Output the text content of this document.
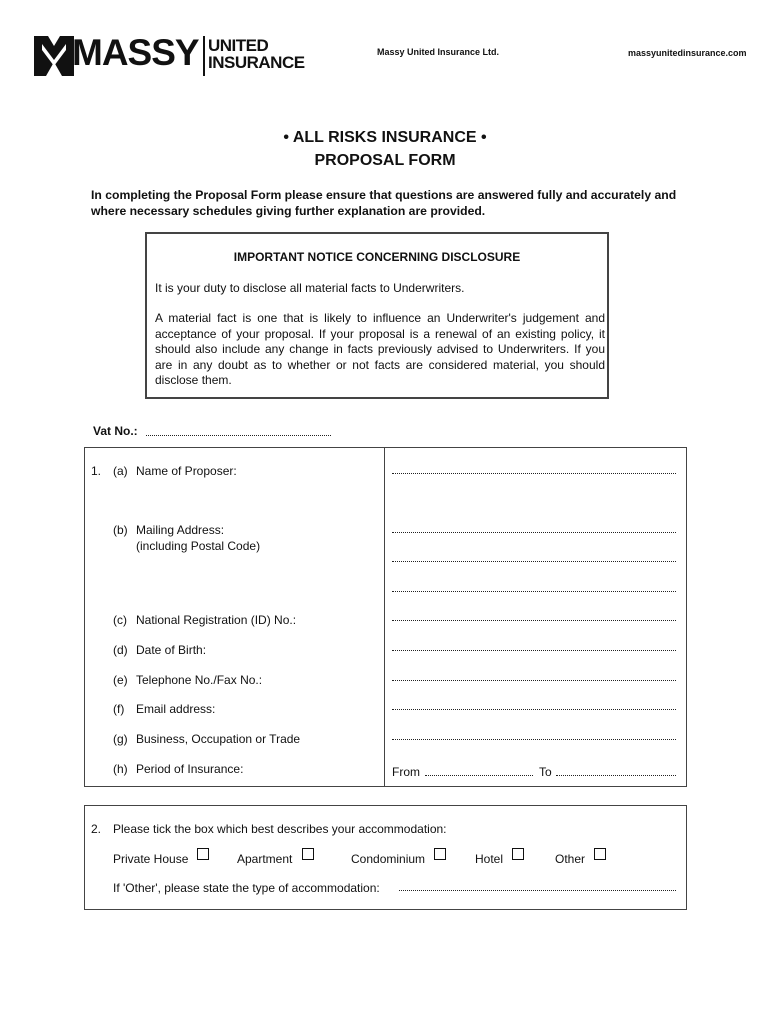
MASSY UNITED
INSURANCE
Massy United Insurance Ltd.	massyunitedinsurance.com
• ALL RISKS INSURANCE •
PROPOSAL FORM
In completing the Proposal Form please ensure that questions are answered fully and accurately and where necessary schedules giving further explanation are provided.
IMPORTANT NOTICE CONCERNING DISCLOSURE
It is your duty to disclose all material facts to Underwriters.
A material fact is one that is likely to influence an Underwriter's judgement and acceptance of your proposal. If your proposal is a renewal of an existing policy, it should also include any change in facts previously advised to Underwriters. If you are in any doubt as to whether or not facts are considered material, you should disclose them.
Vat No.:
1. (a) Name of Proposer:
(b) Mailing Address:
(including Postal Code)
(c) National Registration (ID) No.:
(d) Date of Birth:
(e) Telephone No./Fax No.:
(f) Email address:
(g) Business, Occupation or Trade
(h) Period of Insurance:	From	To
2. Please tick the box which best describes your accommodation:
Private House	Apartment	Condominium	Hotel	Other
If 'Other', please state the type of accommodation:
